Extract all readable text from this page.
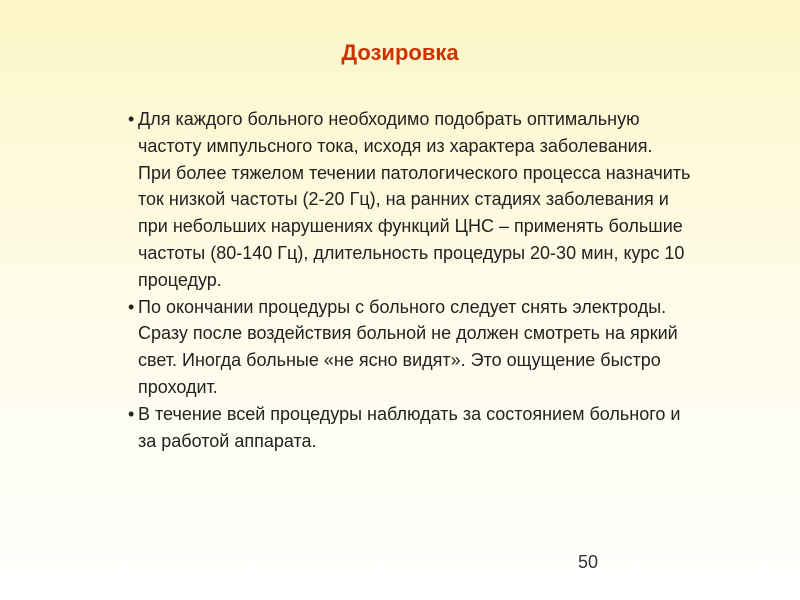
Дозировка
• Для каждого больного необходимо подобрать оптимальную частоту импульсного тока, исходя из характера заболевания.
При более тяжелом течении патологического процесса назначить ток низкой частоты (2-20 Гц), на ранних стадиях заболевания и при небольших нарушениях функций ЦНС – применять большие частоты (80-140 Гц), длительность процедуры 20-30 мин, курс 10 процедур.
• По окончании процедуры с больного следует снять электроды.
Сразу после воздействия больной не должен смотреть на яркий свет. Иногда больные «не ясно видят». Это ощущение быстро проходит.
• В течение всей процедуры наблюдать за состоянием больного и за работой аппарата.
50
